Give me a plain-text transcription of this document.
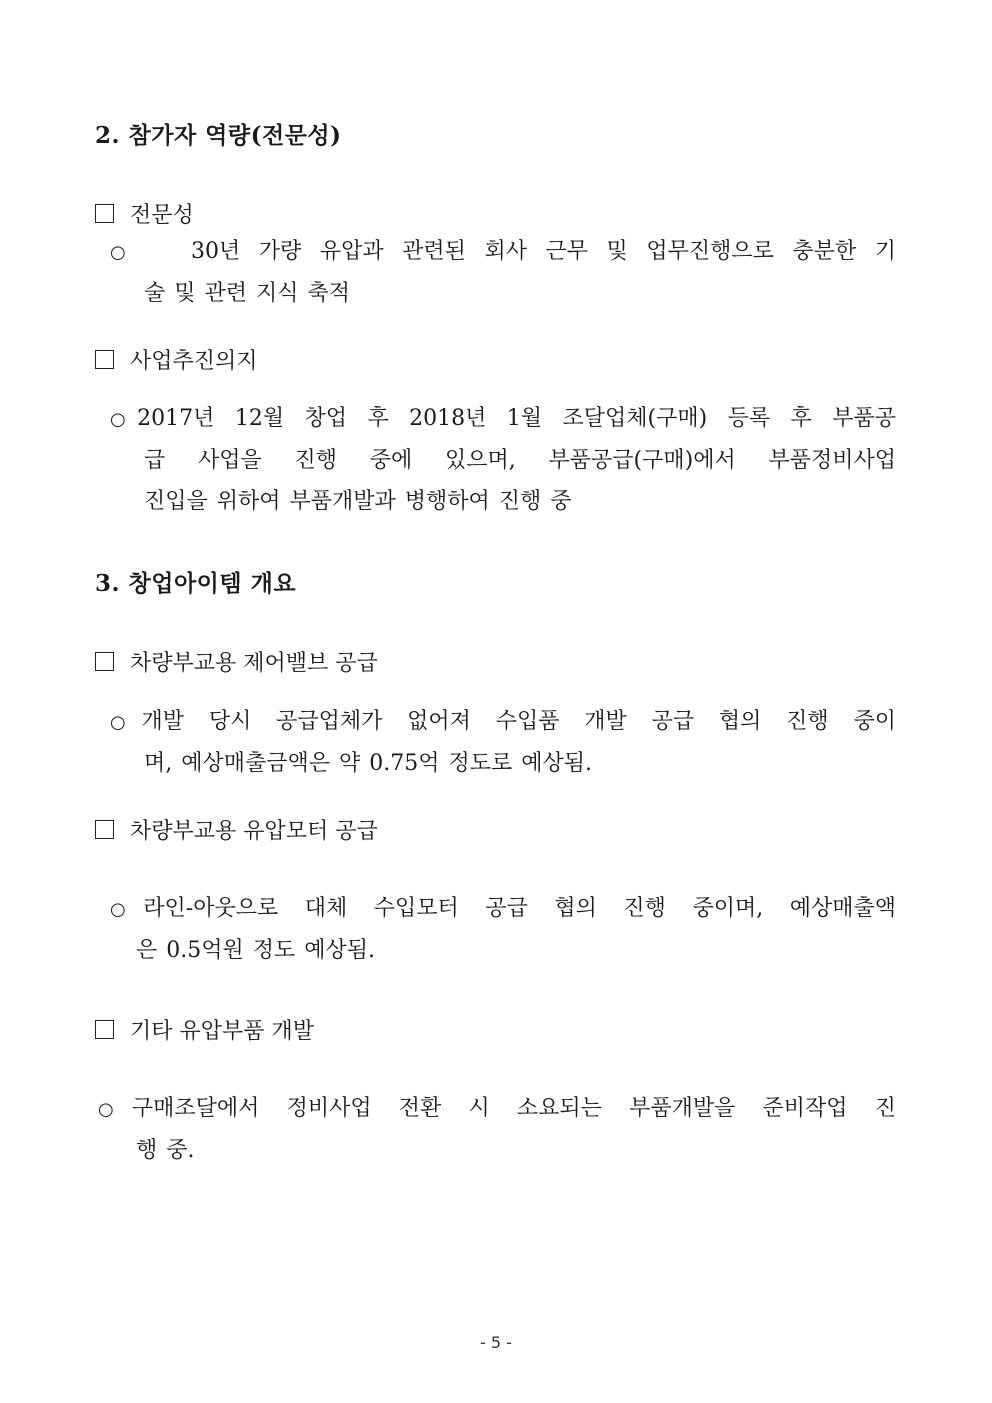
2. 참가자 역량(전문성)
전문성
○	30년 가량 유압과 관련된 회사 근무 및 업무진행으로 충분한 기
술 및 관련 지식 축적
사업추진의지
○2017년 12월 창업 후 2018년 1월 조달업체(구매) 등록 후 부품공
급 사업을 진행 중에 있으며, 부품공급(구매)에서 부품정비사업
진입을 위하여 부품개발과 병행하여 진행 중
3. 창업아이템 개요
차량부교용 제어밸브 공급
○개발 당시 공급업체가 없어져 수입품 개발 공급 협의 진행 중이
며, 예상매출금액은 약 0.75억 정도로 예상됨.
차량부교용 유압모터 공급
○라인-아웃으로 대체 수입모터 공급 협의 진행 중이며, 예상매출액
은 0.5억원 정도 예상됨.
기타 유압부품 개발
○구매조달에서 정비사업 전환 시 소요되는 부품개발을 준비작업 진
행 중.
- 5 -
